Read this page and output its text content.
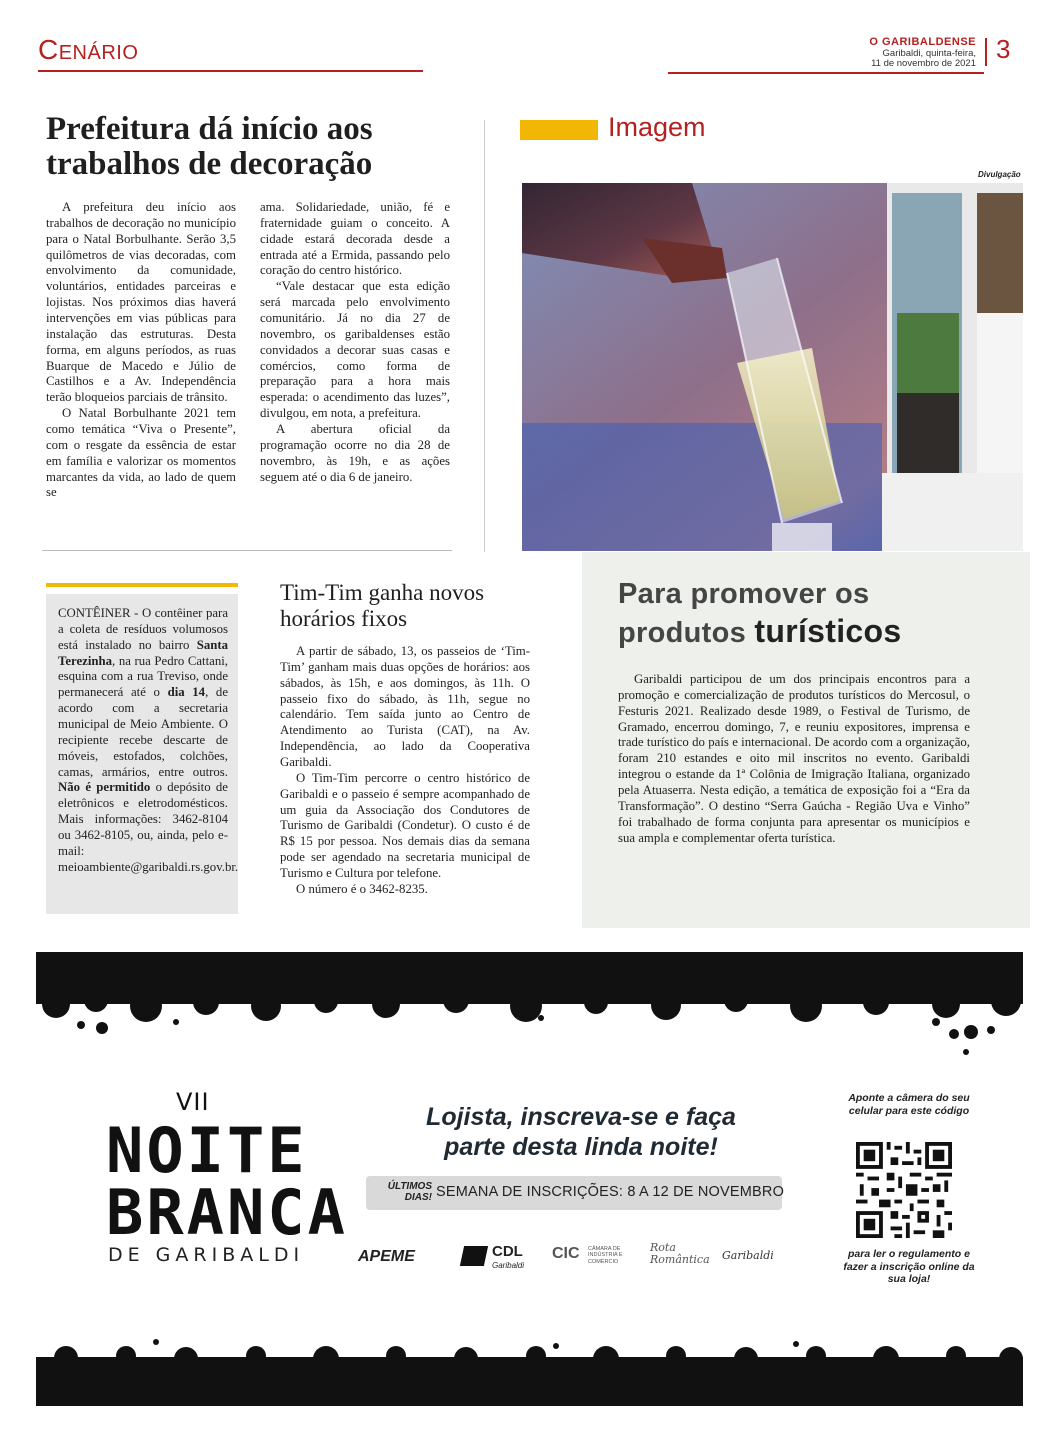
Cenário	O GARIBALDENSE
Garibaldi, quinta-feira,
11 de novembro de 2021 3
Prefeitura dá início aos trabalhos de decoração

A prefeitura deu início aos trabalhos de decoração no município para o Natal Borbulhante. Serão 3,5 quilômetros de vias decoradas, com envolvimento da comunidade, voluntários, entidades parceiras e lojistas. Nos próximos dias haverá intervenções em vias públicas para instalação das estruturas. Desta forma, em alguns períodos, as ruas Buarque de Macedo e Júlio de Castilhos e a Av. Independência terão bloqueios parciais de trânsito.

O Natal Borbulhante 2021 tem como temática “Viva o Presente”, com o resgate da essência de estar em família e valorizar os momentos marcantes da vida, ao lado de quem se

ama. Solidariedade, união, fé e fraternidade guiam o conceito. A cidade estará decorada desde a entrada até a Ermida, passando pelo coração do centro histórico.

“Vale destacar que esta edição será marcada pelo envolvimento comunitário. Já no dia 27 de novembro, os garibaldenses estão convidados a decorar suas casas e comércios, como forma de preparação para a hora mais esperada: o acendimento das luzes”, divulgou, em nota, a prefeitura.

A abertura oficial da programação ocorre no dia 28 de novembro, às 19h, e as ações seguem até o dia 6 de janeiro.

Imagem
Divulgação
CONTÊINER - O contêiner para a coleta de resíduos volumosos está instalado no bairro Santa Terezinha, na rua Pedro Cattani, esquina com a rua Treviso, onde permanecerá até o dia 14, de acordo com a secretaria municipal de Meio Ambiente. O recipiente recebe descarte de móveis, estofados, colchões, camas, armários, entre outros. Não é permitido o depósito de eletrônicos e eletrodomésticos. Mais informações: 3462-8104 ou 3462-8105, ou, ainda, pelo e-mail: meioambiente@garibaldi.rs.gov.br.
Tim-Tim ganha novos horários fixos

A partir de sábado, 13, os passeios de ‘Tim-Tim’ ganham mais duas opções de horários: aos sábados, às 15h, e aos domingos, às 11h. O passeio fixo do sábado, às 11h, segue no calendário. Tem saída junto ao Centro de Atendimento ao Turista (CAT), na Av. Independência, ao lado da Cooperativa Garibaldi.

O Tim-Tim percorre o centro histórico de Garibaldi e o passeio é sempre acompanhado de um guia da Associação dos Condutores de Turismo de Garibaldi (Condetur). O custo é de R$ 15 por pessoa. Nos demais dias da semana pode ser agendado na secretaria municipal de Turismo e Cultura por telefone.

O número é o 3462-8235.

Para promover os
produtos turísticos

Garibaldi participou de um dos principais encontros para a promoção e comercialização de produtos turísticos do Mercosul, o Festuris 2021. Realizado desde 1989, o Festival de Turismo, de Gramado, encerrou domingo, 7, e reuniu expositores, imprensa e trade turístico do país e internacional. De acordo com a organização, foram 210 estandes e oito mil inscritos no evento. Garibaldi integrou o estande da 1ª Colônia de Imigração Italiana, organizado pela Atuaserra. Nesta edição, a temática de exposição foi a “Era da Transformação”. O destino “Serra Gaúcha - Região Uva e Vinho” foi trabalhado de forma conjunta para apresentar os municípios e sua ampla e complementar oferta turística.

VII
NOITE
BRANCA
DE GARIBALDI
Lojista, inscreva-se e faça
parte desta linda noite!
ÚLTIMOS
DIAS! SEMANA DE INSCRIÇÕES: 8 A 12 DE NOVEMBRO
APEME	CDL
Garibaldi
CIC CÂMARA DE INDÚSTRIA E COMÉRCIO
Rota Romântica Garibaldi
Aponte a câmera do seu celular para este código
para ler o regulamento e fazer a inscrição online da sua loja!
